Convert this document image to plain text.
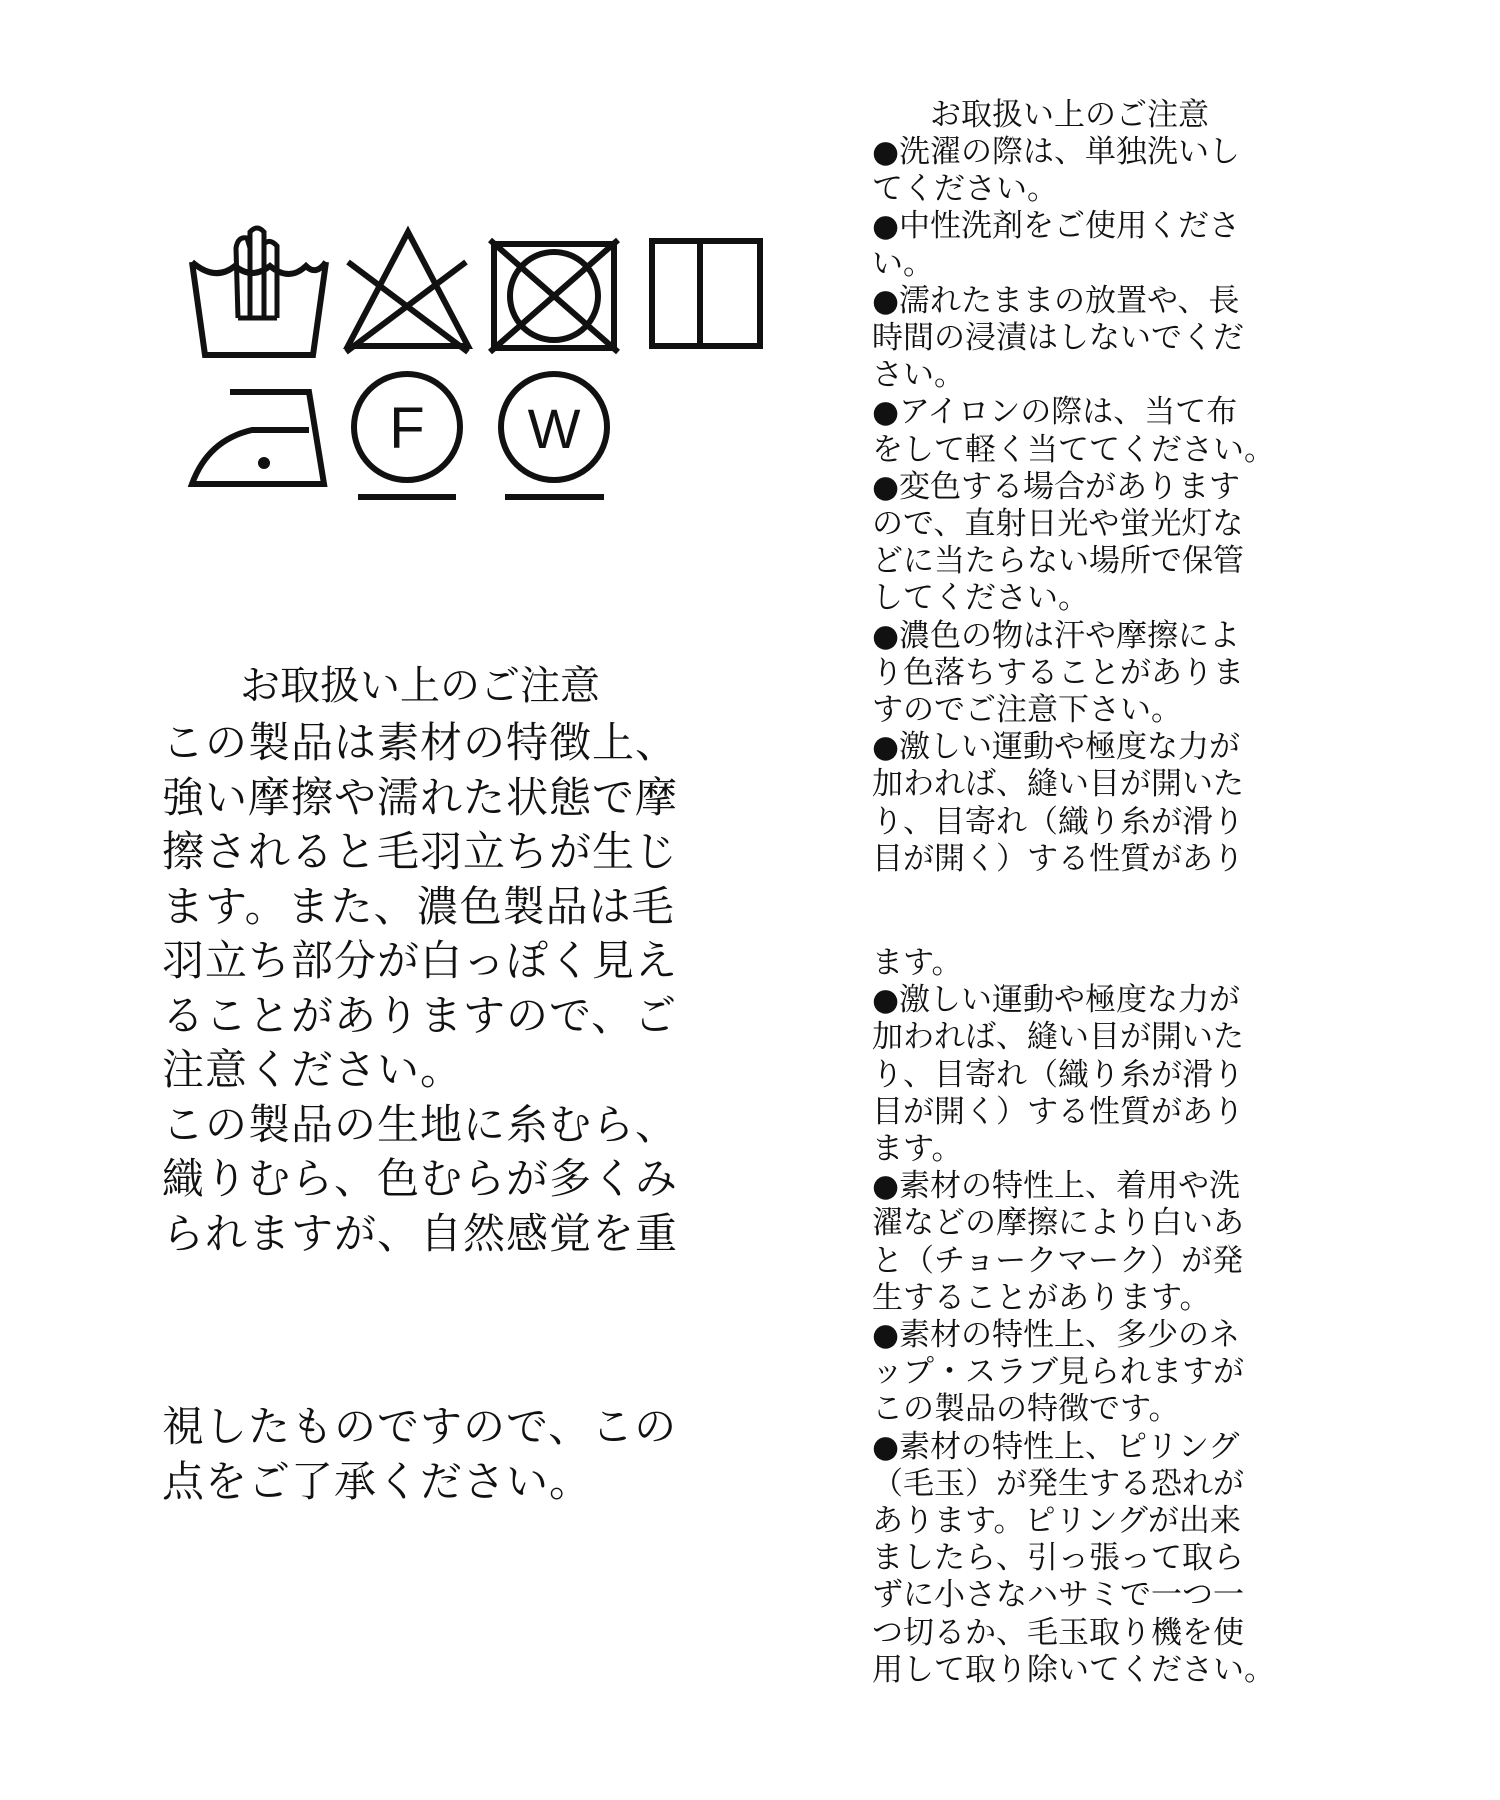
F W
お取扱い上のご注意
この製品は素材の特徴上、
強い摩擦や濡れた状態で摩
擦されると毛羽立ちが生じ
ます。また、濃色製品は毛
羽立ち部分が白っぽく見え
ることがありますので、ご
注意ください。
この製品の生地に糸むら、
織りむら、色むらが多くみ
られますが、自然感覚を重
視したものですので、この
点をご了承ください。
お取扱い上のご注意
●洗濯の際は、単独洗いし
てください。
●中性洗剤をご使用くださ
い。
●濡れたままの放置や、長
時間の浸漬はしないでくだ
さい。
●アイロンの際は、当て布
をして軽く当ててください。
●変色する場合があります
ので、直射日光や蛍光灯な
どに当たらない場所で保管
してください。
●濃色の物は汗や摩擦によ
り色落ちすることがありま
すのでご注意下さい。
●激しい運動や極度な力が
加われば、縫い目が開いた
り、目寄れ（織り糸が滑り
目が開く）する性質があり
ます。
●激しい運動や極度な力が
加われば、縫い目が開いた
り、目寄れ（織り糸が滑り
目が開く）する性質があり
ます。
●素材の特性上、着用や洗
濯などの摩擦により白いあ
と（チョークマーク）が発
生することがあります。
●素材の特性上、多少のネ
ップ・スラブ見られますが
この製品の特徴です。
●素材の特性上、ピリング
（毛玉）が発生する恐れが
あります。ピリングが出来
ましたら、引っ張って取ら
ずに小さなハサミで一つ一
つ切るか、毛玉取り機を使
用して取り除いてください。
